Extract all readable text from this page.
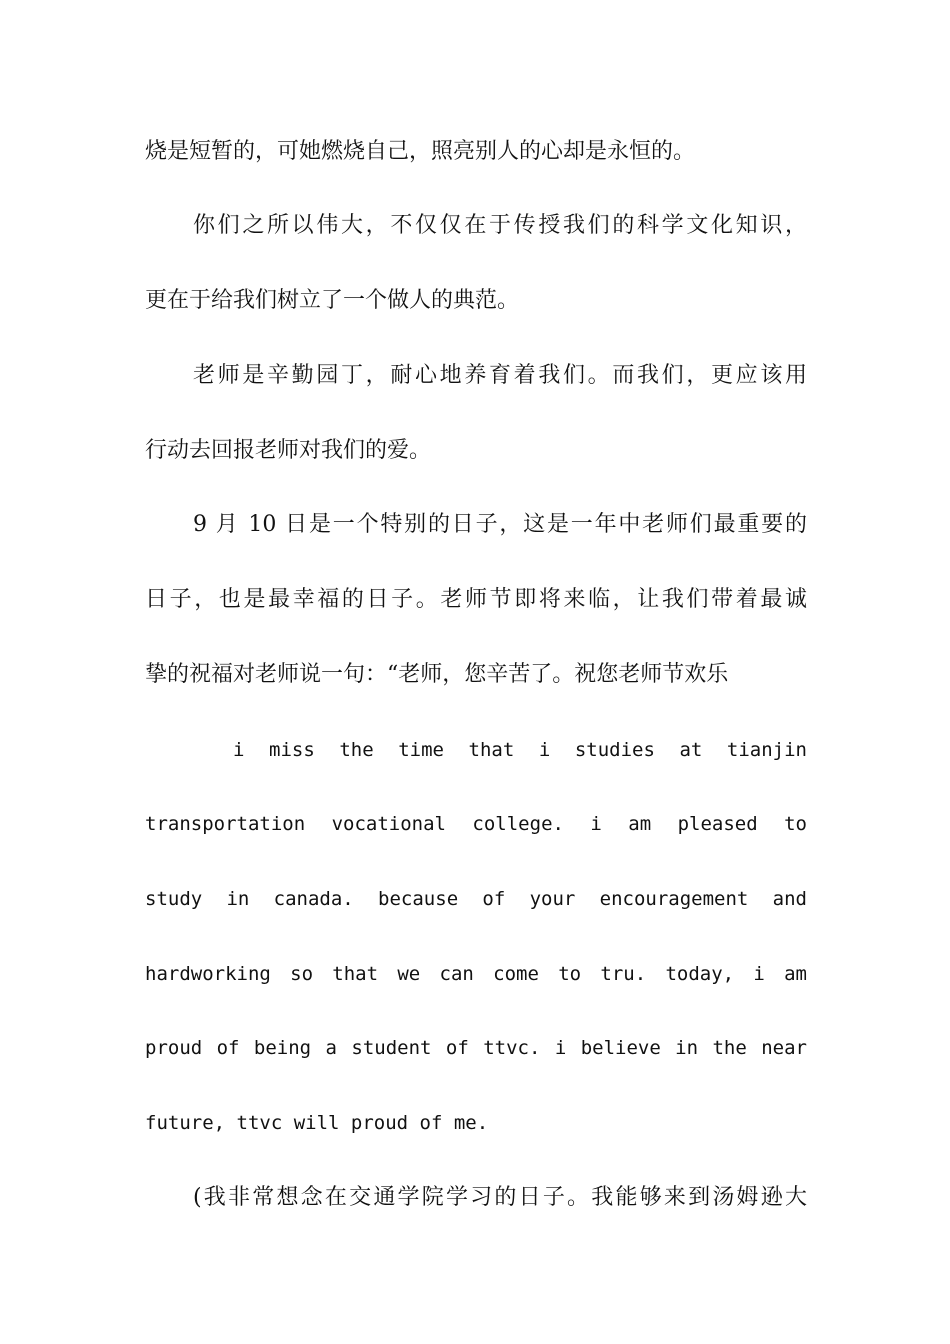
烧是短暂的，可她燃烧自己，照亮别人的心却是永恒的。
你们之所以伟大，不仅仅在于传授我们的科学文化知识，
更在于给我们树立了一个做人的典范。
老师是辛勤园丁，耐心地养育着我们。而我们，更应该用
行动去回报老师对我们的爱。
9 月 10 日是一个特别的日子，这是一年中老师们最重要的
日子，也是最幸福的日子。老师节即将来临，让我们带着最诚
挚的祝福对老师说一句：“老师，您辛苦了。祝您老师节欢乐
i miss the time that i studies at tianjin
transportation vocational college. i am pleased to
study in canada. because of your encouragement and
hardworking so that we can come to tru. today, i am
proud of being a student of ttvc. i believe in the near
future, ttvc will proud of me.
(我非常想念在交通学院学习的日子。我能够来到汤姆逊大
